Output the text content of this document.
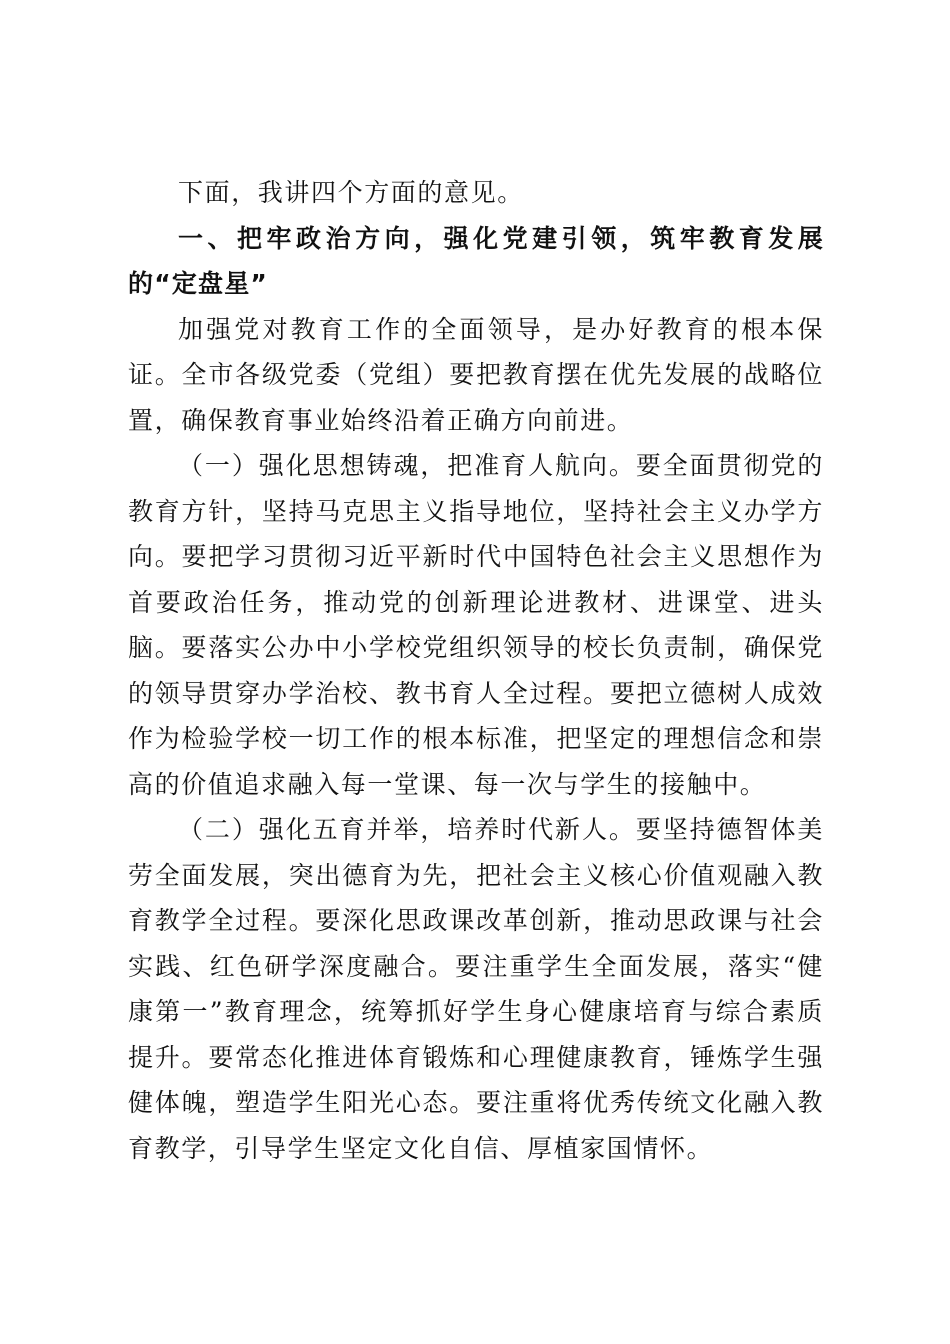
下面，我讲四个方面的意见。

一、把牢政治方向，强化党建引领，筑牢教育发展的“定盘星”

加强党对教育工作的全面领导，是办好教育的根本保证。全市各级党委（党组）要把教育摆在优先发展的战略位置，确保教育事业始终沿着正确方向前进。

（一）强化思想铸魂，把准育人航向。要全面贯彻党的教育方针，坚持马克思主义指导地位，坚持社会主义办学方向。要把学习贯彻习近平新时代中国特色社会主义思想作为首要政治任务，推动党的创新理论进教材、进课堂、进头脑。要落实公办中小学校党组织领导的校长负责制，确保党的领导贯穿办学治校、教书育人全过程。要把立德树人成效作为检验学校一切工作的根本标准，把坚定的理想信念和崇高的价值追求融入每一堂课、每一次与学生的接触中。

（二）强化五育并举，培养时代新人。要坚持德智体美劳全面发展，突出德育为先，把社会主义核心价值观融入教育教学全过程。要深化思政课改革创新，推动思政课与社会实践、红色研学深度融合。要注重学生全面发展，落实“健康第一”教育理念，统筹抓好学生身心健康培育与综合素质提升。要常态化推进体育锻炼和心理健康教育，锤炼学生强健体魄，塑造学生阳光心态。要注重将优秀传统文化融入教育教学，引导学生坚定文化自信、厚植家国情怀。
